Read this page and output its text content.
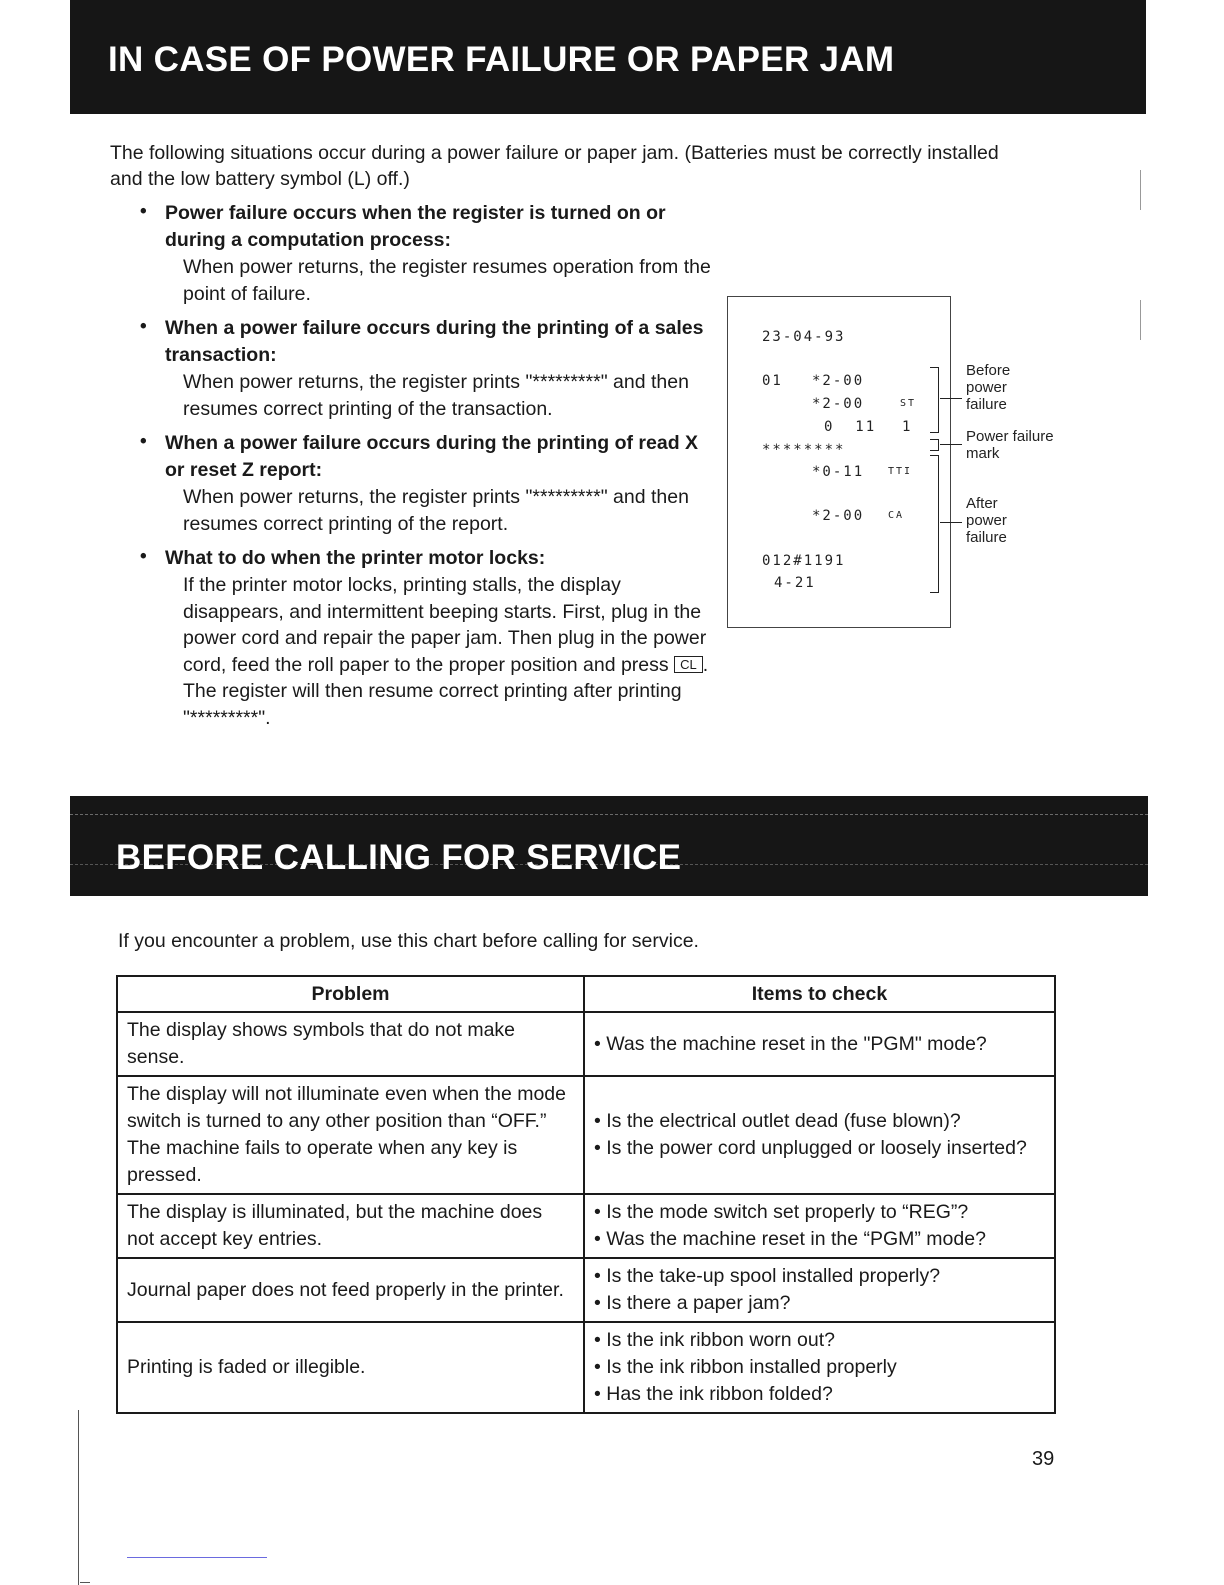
IN CASE OF POWER FAILURE OR PAPER JAM
The following situations occur during a power failure or paper jam. (Batteries must be correctly installed and the low battery symbol (L) off.)
• Power failure occurs when the register is turned on or during a computation process:
When power returns, the register resumes operation from the point of failure.
• When a power failure occurs during the printing of a sales transaction:
When power returns, the register prints "*********" and then resumes correct printing of the transaction.
• When a power failure occurs during the printing of read X or reset Z report:
When power returns, the register prints "*********" and then resumes correct printing of the report.
• What to do when the printer motor locks:
If the printer motor locks, printing stalls, the display disappears, and intermittent beeping starts. First, plug in the power cord and repair the paper jam. Then plug in the power cord, feed the roll paper to the proper position and press CL . The register will then resume correct printing after printing "*********".
23-04-93
01 *2-00
*2-00	ST
0  11 1
********
*0-11 TTI
*2-00 CA
012#1191
4-21
Before power failure
Power failure mark
After power failure
BEFORE CALLING FOR SERVICE
If you encounter a problem, use this chart before calling for service.
Problem	Items to check
The display shows symbols that do not make sense.	• Was the machine reset in the "PGM" mode?

The display will not illuminate even when the mode switch is turned to any other position than “OFF.” The machine fails to operate when any key is pressed.	• Is the electrical outlet dead (fuse blown)?
• Is the power cord unplugged or loosely inserted?

The display is illuminated, but the machine does not accept key entries.	• Is the mode switch set properly to “REG”?
• Was the machine reset in the “PGM” mode?

Journal paper does not feed properly in the printer.	• Is the take-up spool installed properly?
• Is there a paper jam?

Printing is faded or illegible.	• Is the ink ribbon worn out?
• Is the ink ribbon installed properly
• Has the ink ribbon folded?
39
